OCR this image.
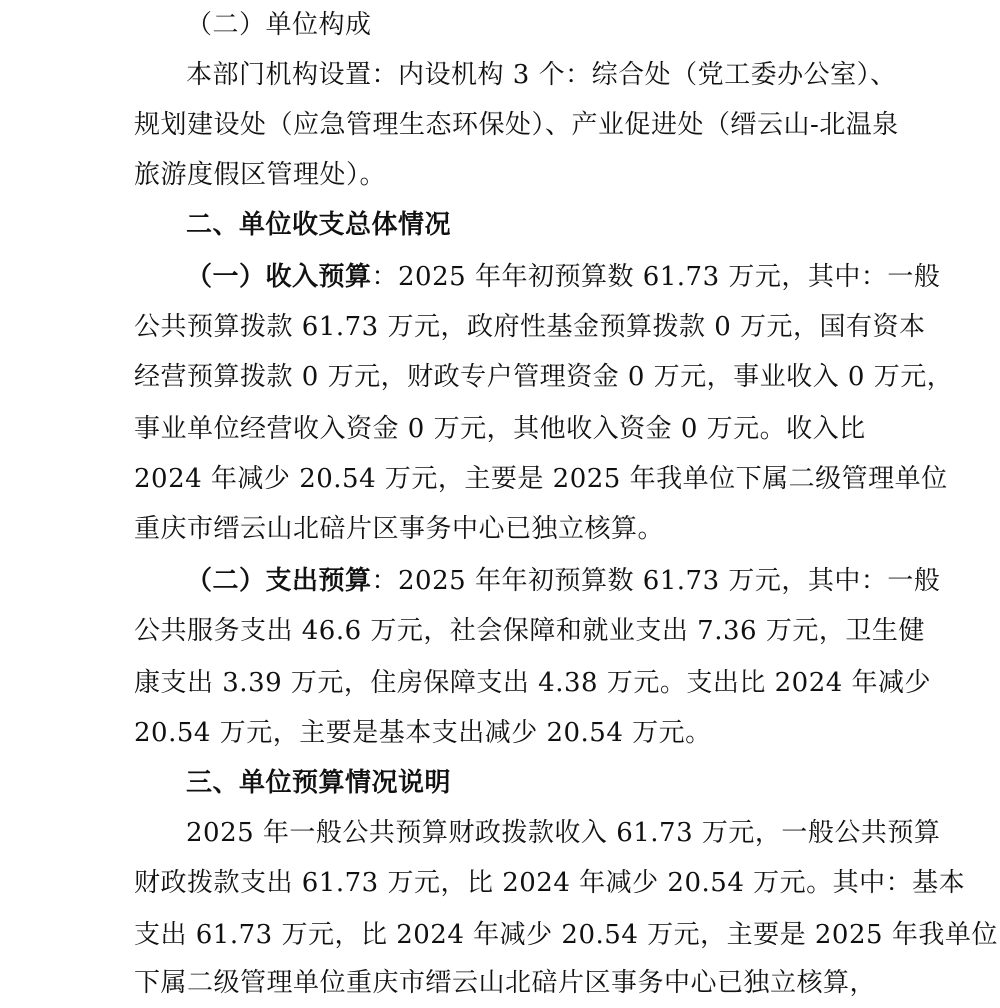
（二）单位构成
本部门机构设置：内设机构 3 个：综合处（党工委办公室）、
规划建设处（应急管理生态环保处）、产业促进处（缙云山-北温泉
旅游度假区管理处）。
二、单位收支总体情况
（一）收入预算：2025 年年初预算数 61.73 万元，其中：一般
公共预算拨款 61.73 万元，政府性基金预算拨款 0 万元，国有资本
经营预算拨款 0 万元，财政专户管理资金 0 万元，事业收入 0 万元，
事业单位经营收入资金 0 万元，其他收入资金 0 万元。收入比
2024 年减少 20.54 万元，主要是 2025 年我单位下属二级管理单位
重庆市缙云山北碚片区事务中心已独立核算。
（二）支出预算：2025 年年初预算数 61.73 万元，其中：一般
公共服务支出 46.6 万元，社会保障和就业支出 7.36 万元，卫生健
康支出 3.39 万元，住房保障支出 4.38 万元。支出比 2024 年减少
20.54 万元，主要是基本支出减少 20.54 万元。
三、单位预算情况说明
2025 年一般公共预算财政拨款收入 61.73 万元，一般公共预算
财政拨款支出 61.73 万元，比 2024 年减少 20.54 万元。其中：基本
支出 61.73 万元，比 2024 年减少 20.54 万元，主要是 2025 年我单位
下属二级管理单位重庆市缙云山北碚片区事务中心已独立核算，
